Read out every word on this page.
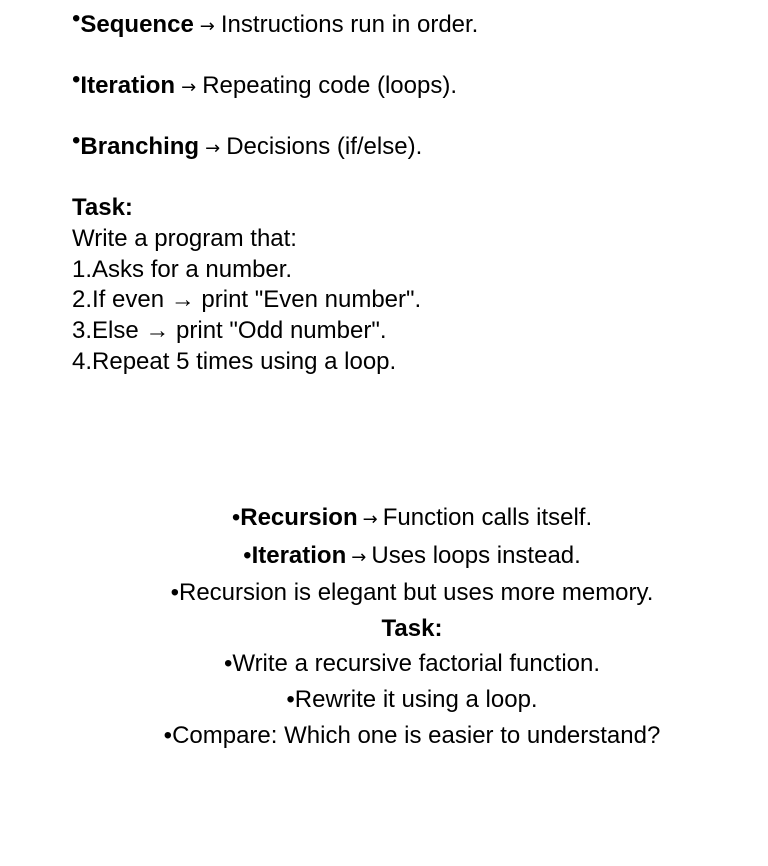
•Sequence → Instructions run in order.
•Iteration → Repeating code (loops).
•Branching → Decisions (if/else).
Task:
Write a program that:
1.Asks for a number.
2.If even → print "Even number".
3.Else → print "Odd number".
4.Repeat 5 times using a loop.
•Recursion → Function calls itself.
•Iteration → Uses loops instead.
•Recursion is elegant but uses more memory.
Task:
•Write a recursive factorial function.
•Rewrite it using a loop.
•Compare: Which one is easier to understand?
